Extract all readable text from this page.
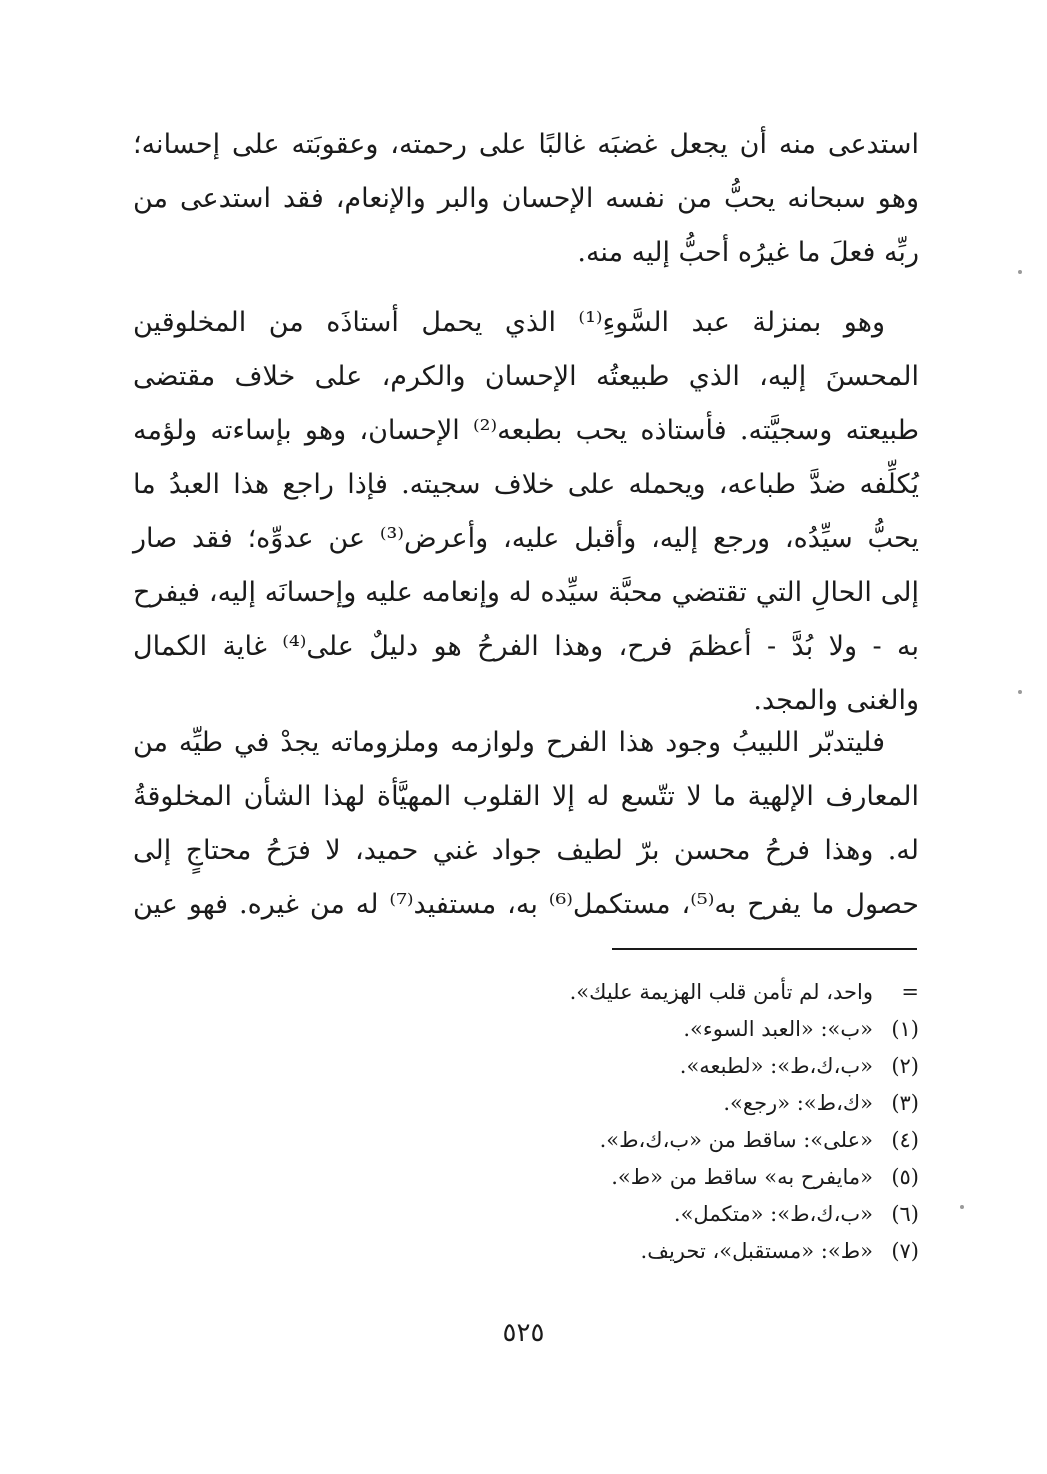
استدعى منه أن يجعل غضبَه غالبًا على رحمته، وعقوبَته على إحسانه؛
وهو سبحانه يحبُّ من نفسه الإحسان والبر والإنعام، فقد استدعى من
ربِّه فعلَ ما غيرُه أحبُّ إليه منه.
وهو بمنزلة عبد السَّوءِ⁽¹⁾ الذي يحمل أستاذَه من المخلوقين
المحسنَ إليه، الذي طبيعتُه الإحسان والكرم، على خلاف مقتضى
طبيعته وسجيَّته. فأستاذه يحب بطبعه⁽²⁾ الإحسان، وهو بإساءته ولؤمه
يُكلِّفه ضدَّ طباعه، ويحمله على خلاف سجيته. فإذا راجع هذا العبدُ ما
يحبُّ سيِّدُه، ورجع إليه، وأقبل عليه، وأعرض⁽³⁾ عن عدوِّه؛ فقد صار
إلى الحالِ التي تقتضي محبَّة سيِّده له وإنعامه عليه وإحسانَه إليه، فيفرح
به - ولا بُدَّ - أعظمَ فرح، وهذا الفرحُ هو دليلٌ على⁽⁴⁾ غاية الكمال
والغنى والمجد.
فليتدبّر اللبيبُ وجود هذا الفرح ولوازمه وملزوماته يجدْ في طيِّه من
المعارف الإلهية ما لا تتّسع له إلا القلوب المهيَّأة لهذا الشأن المخلوقةُ
له. وهذا فرحُ محسن برّ لطيف جواد غني حميد، لا فرَحُ محتاجٍ إلى
حصول ما يفرح به⁽⁵⁾، مستكمل⁽⁶⁾ به، مستفيد⁽⁷⁾ له من غيره. فهو عين
=واحد، لم تأمن قلب الهزيمة عليك».
(١)«ب»: «العبد السوء».
(٢)«ب،ك،ط»: «لطبعه».
(٣)«ك،ط»: «رجع».
(٤)«على»: ساقط من «ب،ك،ط».
(٥)«مايفرح به» ساقط من «ط».
(٦)«ب،ك،ط»: «متكمل».
(٧)«ط»: «مستقبل»، تحريف.
٥٢٥
